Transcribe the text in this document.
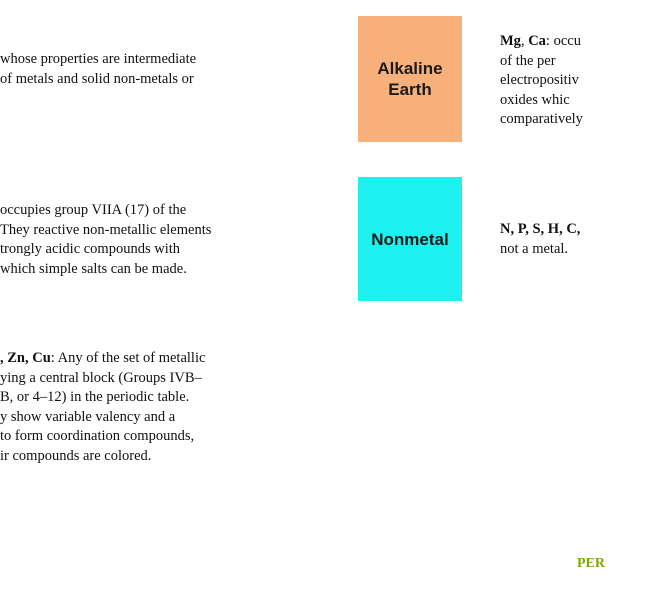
whose properties are intermediate
of metals and solid non-metals or
occupies group VIIA (17) of the
They reactive non-metallic elements
trongly acidic compounds with
which simple salts can be made.
, Zn, Cu: Any of the set of metallic
ying a central block (Groups IVB–
B, or 4–12) in the periodic table.
y show variable valency and a
to form coordination compounds,
ir compounds are colored.
Alkaline
Earth
Nonmetal
Mg, Ca: occu
of the per
electropositiv
oxides whic
comparatively
N, P, S, H, C,
not a metal.
PER
